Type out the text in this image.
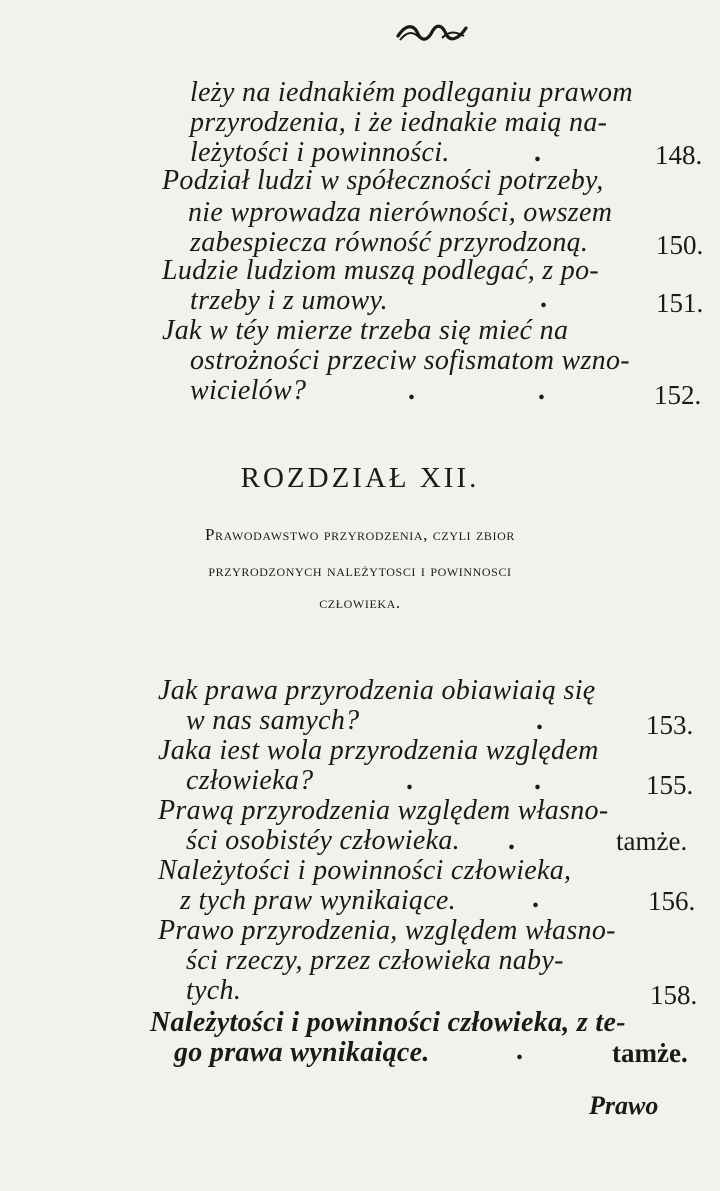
leży na iednakiém podleganiu prawom
przyrodzenia, i że iednakie maią na-
leżytości i powinności.	.	148.
Podział ludzi w spółeczności potrzeby,
nie wprowadza nierówności, owszem
zabespiecza równość przyrodzoną.	150.
Ludzie ludziom muszą podlegać, z po-
trzeby i z umowy.	.	151.
Jak w téy mierze trzeba się mieć na
ostrożności przeciw sofismatom wzno-
wicielów?	.	.	152.
ROZDZIAŁ XII.
Prawodawstwo przyrodzenia, czyli zbior
przyrodzonych należytosci i powinnosci
człowieka.
Jak prawa przyrodzenia obiawiaią się
w nas samych?	.	153.
Jaka iest wola przyrodzenia względem
człowieka?	.	.	155.
Prawą przyrodzenia względem własno-
ści osobistéy człowieka. .	tamże.
Należytości i powinności człowieka,
z tych praw wynikaiące.	.	156.
Prawo przyrodzenia, względem własno-
ści rzeczy, przez człowieka naby-
tych.	158.
Należytości i powinności człowieka, z te-
go prawa wynikaiące.	.	tamże.
Prawo
